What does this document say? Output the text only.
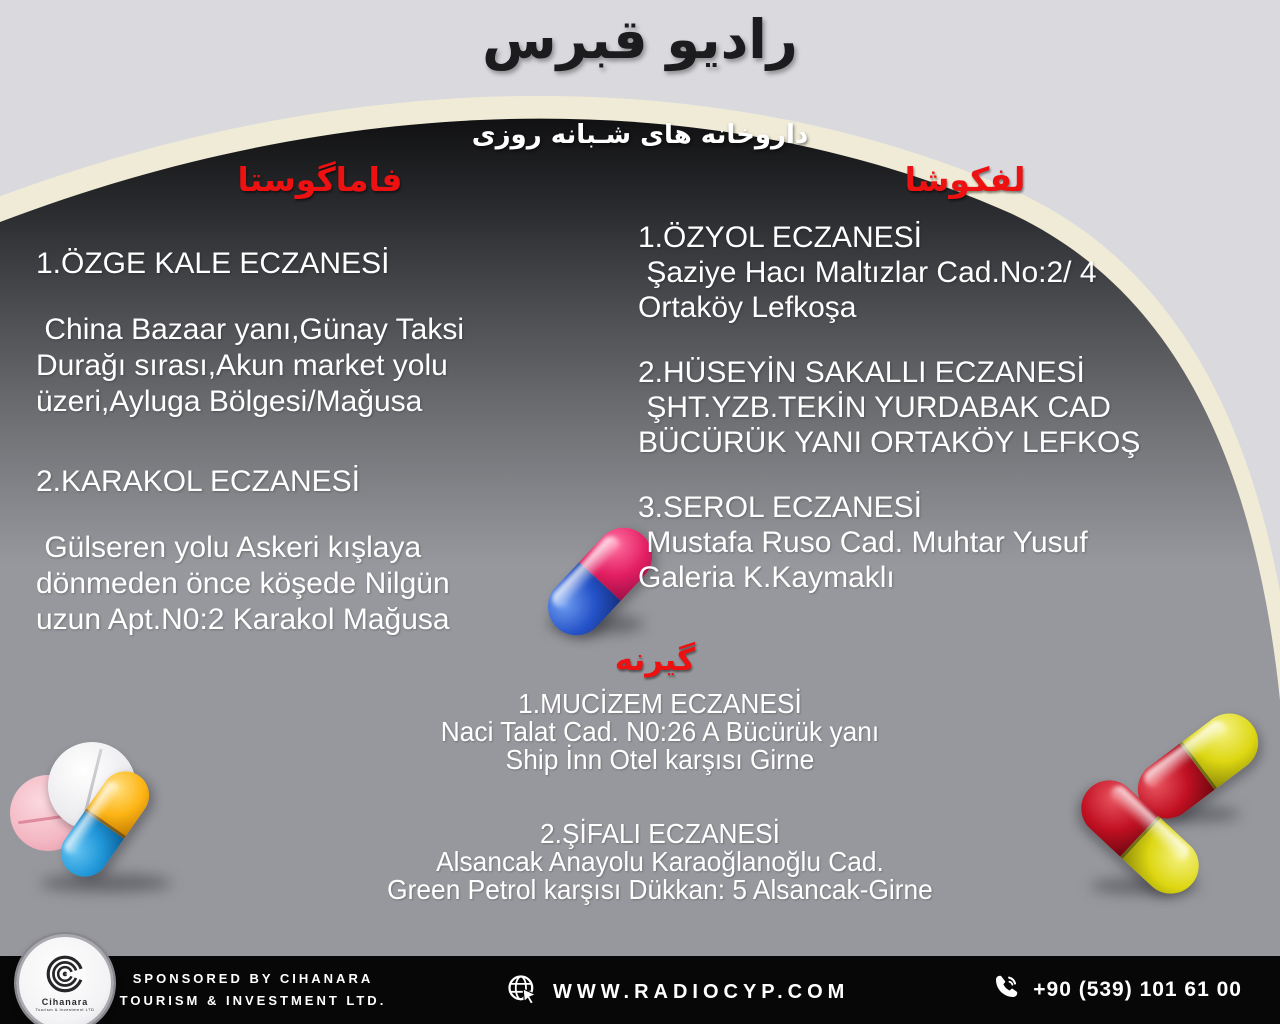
راديو قبرس
داروخانه های شـبانه روزی
فاماگوستا	لفكوشا
گیرنه
1.ÖZGE KALE ECZANESİ
China Bazaar yanı,Günay Taksi
Durağı sırası,Akun market yolu
üzeri,Ayluga Bölgesi/Mağusa
2.KARAKOL ECZANESİ
Gülseren yolu Askeri kışlaya
dönmeden önce köşede Nilgün
uzun Apt.N0:2 Karakol Mağusa
1.ÖZYOL ECZANESİ
Şaziye Hacı Maltızlar Cad.No:2/ 4
Ortaköy Lefkoşa
2.HÜSEYİN SAKALLI ECZANESİ
ŞHT.YZB.TEKİN YURDABAK CAD
BÜCÜRÜK YANI ORTAKÖY LEFKOŞ
3.SEROL ECZANESİ
Mustafa Ruso Cad. Muhtar Yusuf
Galeria K.Kaymaklı
1.MUCİZEM ECZANESİ
Naci Talat Cad. N0:26 A Bücürük yanı
Ship İnn Otel karşısı Girne
2.ŞİFALI ECZANESİ
Alsancak Anayolu Karaoğlanoğlu Cad.
Green Petrol karşısı Dükkan: 5 Alsancak-Girne
SPONSORED BY CIHANARA
TOURISM & INVESTMENT LTD.	WWW.RADIOCYP.COM	+90 (539) 101 61 00
Cihanara
Tourism & Investment LTD
